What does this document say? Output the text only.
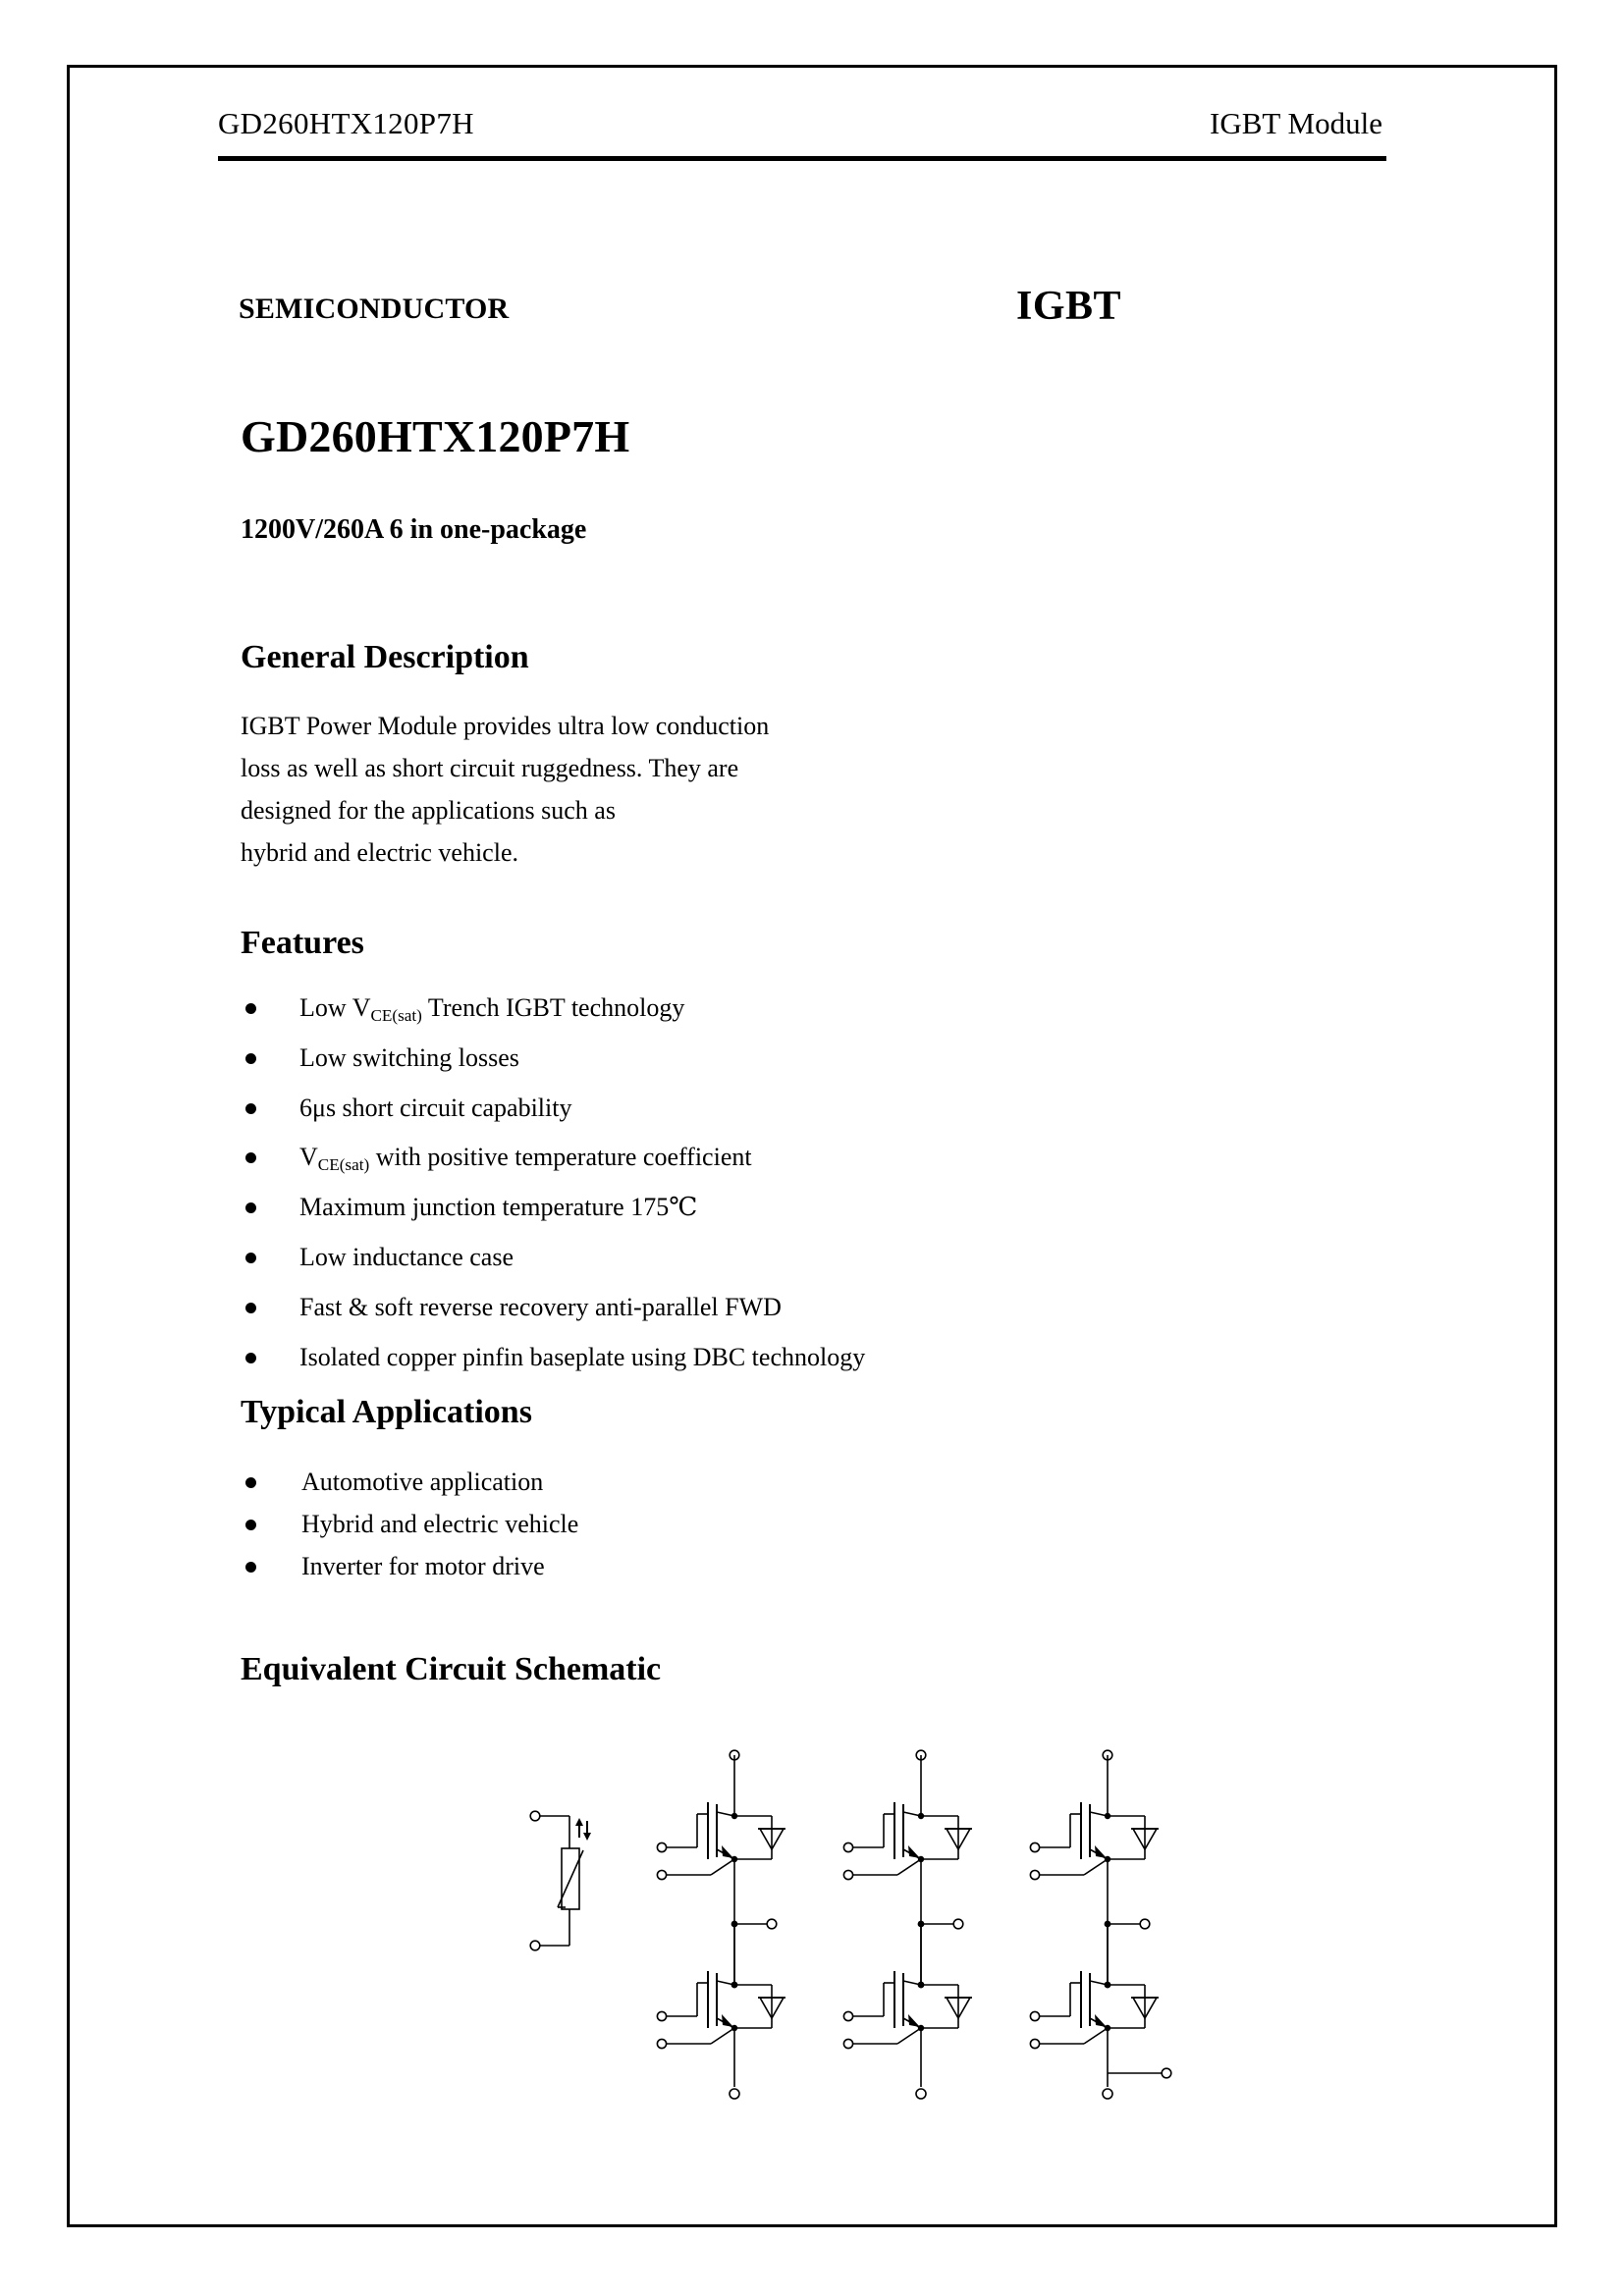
GD260HTX120P7H	IGBT Module
SEMICONDUCTOR	IGBT
GD260HTX120P7H
1200V/260A 6 in one-package
General Description
IGBT Power Module provides ultra low conduction
loss as well as short circuit ruggedness. They are
designed for the applications such as
hybrid and electric vehicle.
Features
Low $V_{CE(sat)}$ Trench IGBT technology
Low switching losses
6μs short circuit capability
$V_{CE(sat)}$ with positive temperature coefficient
Maximum junction temperature 175℃
Low inductance case
Fast & soft reverse recovery anti-parallel FWD
Isolated copper pinfin baseplate using DBC technology
Typical Applications
Automotive application
Hybrid and electric vehicle
Inverter for motor drive
Equivalent Circuit Schematic
